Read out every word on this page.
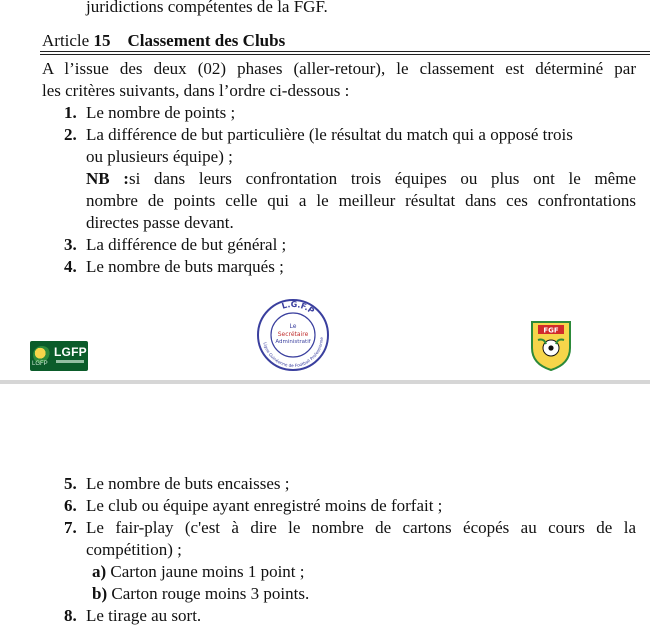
juridictions compétentes de la FGF.
Article 15 Classement des Clubs
A l’issue des deux (02) phases (aller-retour), le classement est déterminé par
les critères suivants, dans l’ordre ci-dessous :
1. Le nombre de points ;
2. La différence de but particulière (le résultat du match qui a opposé trois
ou plusieurs équipe) ;
NB :si dans leurs confrontation trois équipes ou plus ont le même
nombre de points celle qui a le meilleur résultat dans ces confrontations
directes passe devant.
3. La différence de but général ;
4. Le nombre de buts marqués ;
LGFP
LGFP
L.G.F.P
Ligue Guinéenne de Football Professionne
Le
Secrétaire
Administratif
FGF
5. Le nombre de buts encaisses ;
6. Le club ou équipe ayant enregistré moins de forfait ;
7. Le fair-play (c'est à dire le nombre de cartons écopés au cours de la
compétition) ;
a) Carton jaune moins 1 point ;
b) Carton rouge moins 3 points.
8. Le tirage au sort.
